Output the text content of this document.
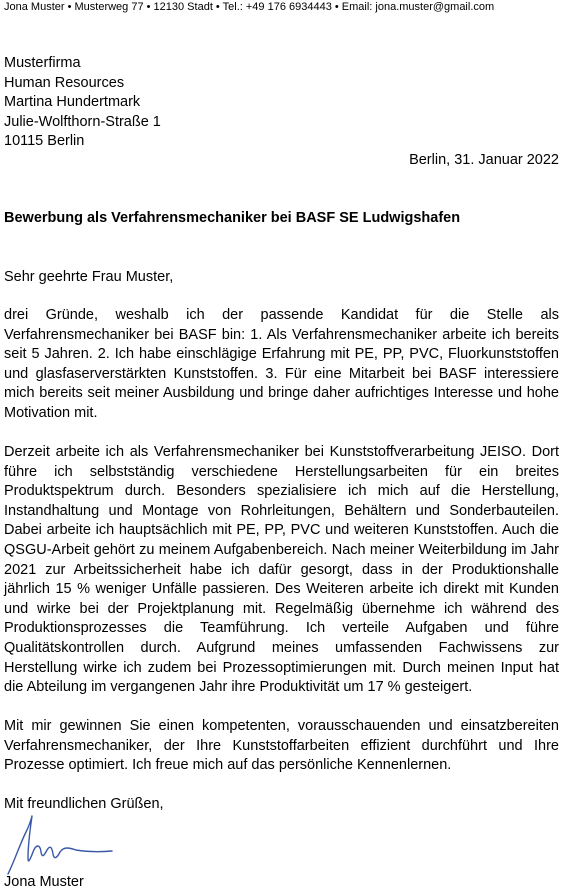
Jona Muster • Musterweg 77 • 12130 Stadt • Tel.: +49 176 6934443 • Email: jona.muster@gmail.com
Musterfirma
Human Resources
Martina Hundertmark
Julie-Wolfthorn-Straße 1
10115 Berlin
Berlin, 31. Januar 2022
Bewerbung als Verfahrensmechaniker bei BASF SE Ludwigshafen
Sehr geehrte Frau Muster,
drei Gründe, weshalb ich der passende Kandidat für die Stelle als Verfahrensmechaniker bei BASF bin: 1. Als Verfahrensmechaniker arbeite ich bereits seit 5 Jahren. 2. Ich habe einschlägige Erfahrung mit PE, PP, PVC, Fluorkunststoffen und glasfaserverstärkten Kunststoffen. 3. Für eine Mitarbeit bei BASF interessiere mich bereits seit meiner Ausbildung und bringe daher aufrichtiges Interesse und hohe Motivation mit.
Derzeit arbeite ich als Verfahrensmechaniker bei Kunststoffverarbeitung JEISO. Dort führe ich selbstständig verschiedene Herstellungsarbeiten für ein breites Produktspektrum durch. Besonders spezialisiere ich mich auf die Herstellung, Instandhaltung und Montage von Rohrleitungen, Behältern und Sonderbauteilen. Dabei arbeite ich hauptsächlich mit PE, PP, PVC und weiteren Kunststoffen. Auch die QSGU-Arbeit gehört zu meinem Aufgabenbereich. Nach meiner Weiterbildung im Jahr 2021 zur Arbeitssicherheit habe ich dafür gesorgt, dass in der Produktionshalle jährlich 15 % weniger Unfälle passieren. Des Weiteren arbeite ich direkt mit Kunden und wirke bei der Projektplanung mit. Regelmäßig übernehme ich während des Produktionsprozesses die Teamführung. Ich verteile Aufgaben und führe Qualitätskontrollen durch. Aufgrund meines umfassenden Fachwissens zur Herstellung wirke ich zudem bei Prozessoptimierungen mit. Durch meinen Input hat die Abteilung im vergangenen Jahr ihre Produktivität um 17 % gesteigert.
Mit mir gewinnen Sie einen kompetenten, vorausschauenden und einsatzbereiten Verfahrensmechaniker, der Ihre Kunststoffarbeiten effizient durchführt und Ihre Prozesse optimiert. Ich freue mich auf das persönliche Kennenlernen.
Mit freundlichen Grüßen,
Jona Muster
